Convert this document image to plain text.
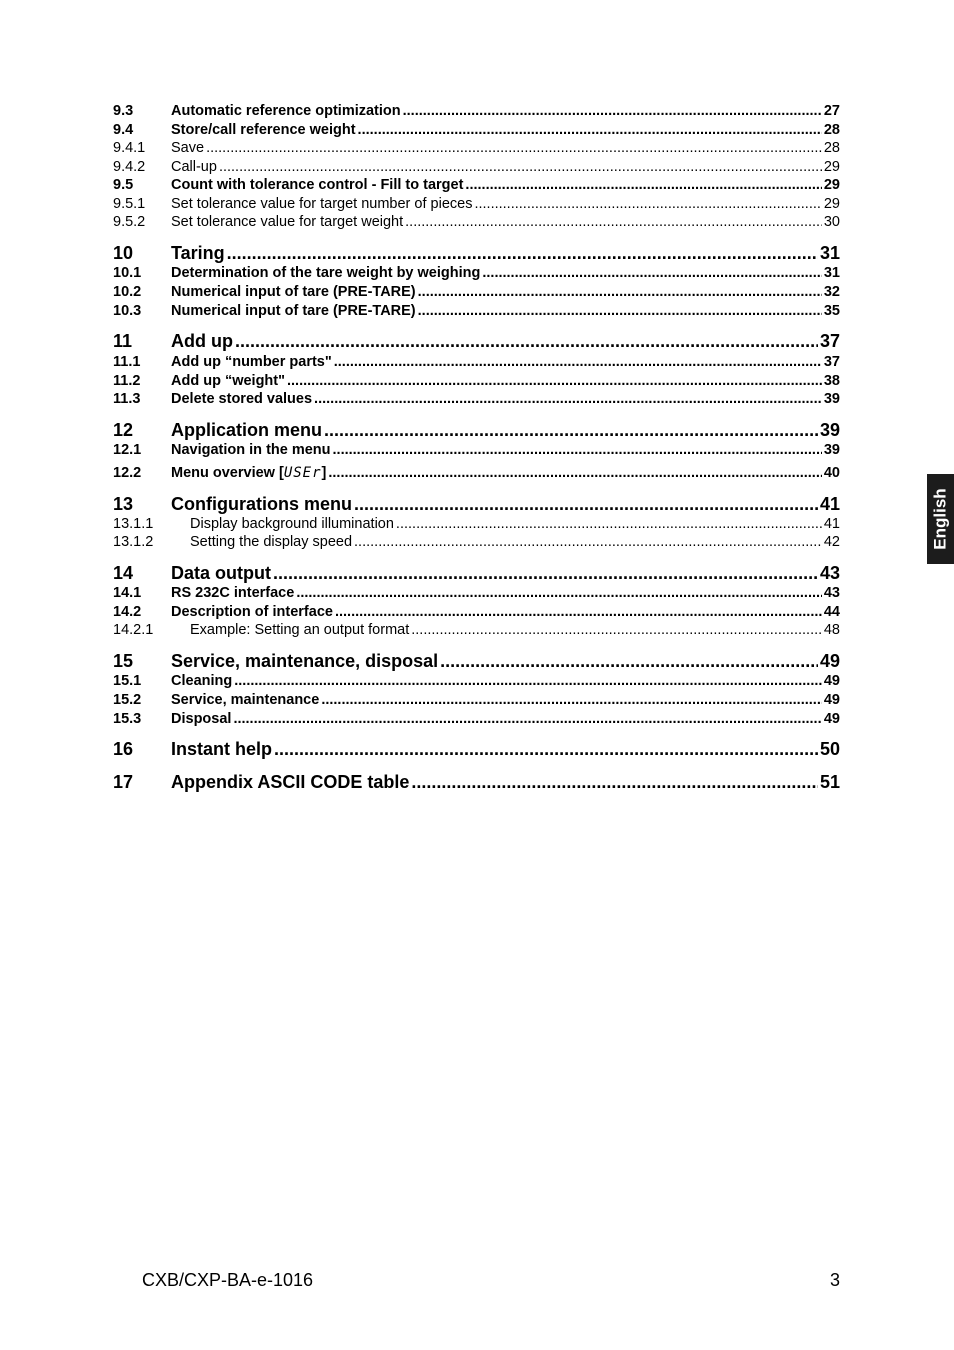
9.3	Automatic reference optimization .....	27
9.4	Store/call reference weight .....	28
9.4.1 Save .....	28
9.4.2 Call-up .....	29
9.5	Count with tolerance control - Fill to target .....	29
9.5.1 Set tolerance value for target number of pieces .....	29
9.5.2 Set tolerance value for target weight .....	30
10 Taring .....	31
10.1 Determination of the tare weight by weighing .....	31
10.2 Numerical input of tare (PRE-TARE) .....	32
10.3 Numerical input of tare (PRE-TARE) .....	35
11 Add up .....	37
11.1 Add up “number parts" .....	37
11.2 Add up “weight" .....	38
11.3 Delete stored values .....	39
12 Application menu .....	39
12.1 Navigation in the menu .....	39
12.2 Menu overview [USEr] .....	40
13 Configurations menu .....	41
13.1.1	Display background illumination .....	41
13.1.2	Setting the display speed .....	42
14 Data output .....	43
14.1 RS 232C interface .....	43
14.2 Description of interface .....	44
14.2.1	Example: Setting an output format .....	48
15 Service, maintenance, disposal .....	49
15.1 Cleaning .....	49
15.2 Service, maintenance .....	49
15.3 Disposal .....	49
16 Instant help .....	50
17 Appendix ASCII CODE table .....	51
English
CXB/CXP-BA-e-1016	3
